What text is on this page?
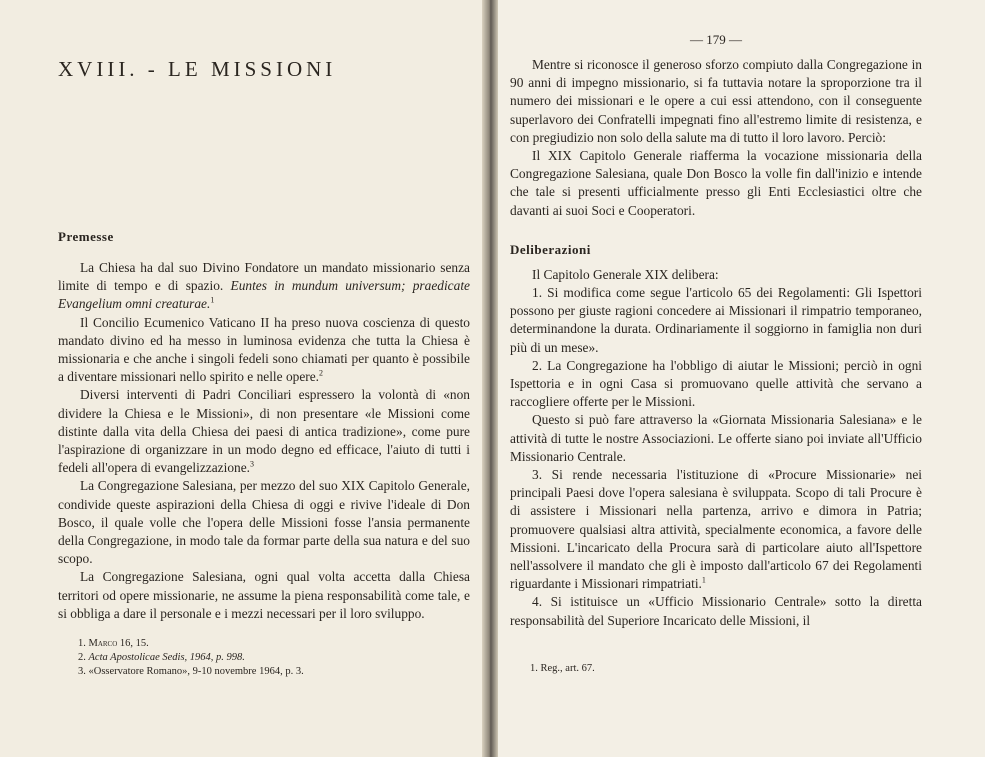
XVIII. - LE MISSIONI
Premesse

La Chiesa ha dal suo Divino Fondatore un mandato missionario senza limite di tempo e di spazio. Euntes in mundum universum; praedicate Evangelium omni creaturae.$^1$

Il Concilio Ecumenico Vaticano II ha preso nuova coscienza di questo mandato divino ed ha messo in luminosa evidenza che tutta la Chiesa è missionaria e che anche i singoli fedeli sono chiamati per quanto è possibile a diventare missionari nello spirito e nelle opere.$^2$

Diversi interventi di Padri Conciliari espressero la volontà di «non dividere la Chiesa e le Missioni», di non presentare «le Missioni come distinte dalla vita della Chiesa dei paesi di antica tradizione», come pure l'aspirazione di organizzare in un modo degno ed efficace, l'aiuto di tutti i fedeli all'opera di evangelizzazione.$^3$

La Congregazione Salesiana, per mezzo del suo XIX Capitolo Generale, condivide queste aspirazioni della Chiesa di oggi e rivive l'ideale di Don Bosco, il quale volle che l'opera delle Missioni fosse l'ansia permanente della Congregazione, in modo tale da formar parte della sua natura e del suo scopo.

La Congregazione Salesiana, ogni qual volta accetta dalla Chiesa territori od opere missionarie, ne assume la piena responsabilità come tale, e si obbliga a dare il personale e i mezzi necessari per il loro sviluppo.

1. Marco 16, 15.
2. Acta Apostolicae Sedis, 1964, p. 998.
3. «Osservatore Romano», 9-10 novembre 1964, p. 3.
— 179 —

Mentre si riconosce il generoso sforzo compiuto dalla Congregazione in 90 anni di impegno missionario, si fa tuttavia notare la sproporzione tra il numero dei missionari e le opere a cui essi attendono, con il conseguente superlavoro dei Confratelli impegnati fino all'estremo limite di resistenza, e con pregiudizio non solo della salute ma di tutto il loro lavoro. Perciò:

Il XIX Capitolo Generale riafferma la vocazione missionaria della Congregazione Salesiana, quale Don Bosco la volle fin dall'inizio e intende che tale si presenti ufficialmente presso gli Enti Ecclesiastici oltre che davanti ai suoi Soci e Cooperatori.

Deliberazioni

Il Capitolo Generale XIX delibera:

1. Si modifica come segue l'articolo 65 dei Regolamenti: Gli Ispettori possono per giuste ragioni concedere ai Missionari il rimpatrio temporaneo, determinandone la durata. Ordinariamente il soggiorno in famiglia non duri più di un mese».

2. La Congregazione ha l'obbligo di aiutar le Missioni; perciò in ogni Ispettoria e in ogni Casa si promuovano quelle attività che servano a raccogliere offerte per le Missioni.

Questo si può fare attraverso la «Giornata Missionaria Salesiana» e le attività di tutte le nostre Associazioni. Le offerte siano poi inviate all'Ufficio Missionario Centrale.

3. Si rende necessaria l'istituzione di «Procure Missionarie» nei principali Paesi dove l'opera salesiana è sviluppata. Scopo di tali Procure è di assistere i Missionari nella partenza, arrivo e dimora in Patria; promuovere qualsiasi altra attività, specialmente economica, a favore delle Missioni. L'incaricato della Procura sarà di particolare aiuto all'Ispettore nell'assolvere il mandato che gli è imposto dall'articolo 67 dei Regolamenti riguardante i Missionari rimpatriati.$^1$

4. Si istituisce un «Ufficio Missionario Centrale» sotto la diretta responsabilità del Superiore Incaricato delle Missioni, il

1. Reg., art. 67.
